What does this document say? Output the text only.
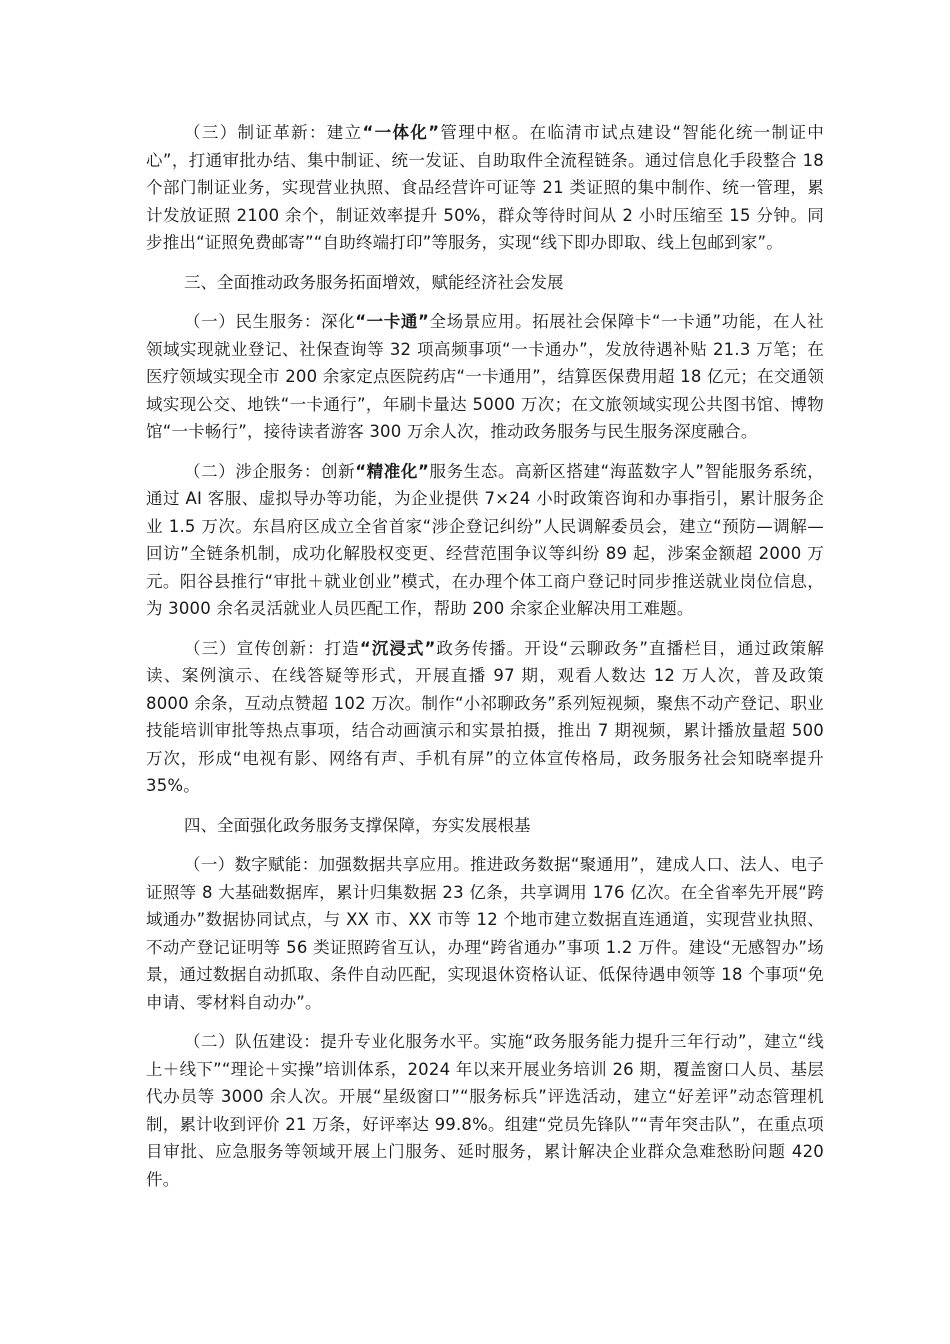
（三）制证革新：建立“一体化”管理中枢。在临清市试点建设“智能化统一制证中心”，打通审批办结、集中制证、统一发证、自助取件全流程链条。通过信息化手段整合 18 个部门制证业务，实现营业执照、食品经营许可证等 21 类证照的集中制作、统一管理，累计发放证照 2100 余个，制证效率提升 50%，群众等待时间从 2 小时压缩至 15 分钟。同步推出“证照免费邮寄”“自助终端打印”等服务，实现“线下即办即取、线上包邮到家”。

三、全面推动政务服务拓面增效，赋能经济社会发展

（一）民生服务：深化“一卡通”全场景应用。拓展社会保障卡“一卡通”功能，在人社领域实现就业登记、社保查询等 32 项高频事项“一卡通办”，发放待遇补贴 21.3 万笔；在医疗领域实现全市 200 余家定点医院药店“一卡通用”，结算医保费用超 18 亿元；在交通领域实现公交、地铁“一卡通行”，年刷卡量达 5000 万次；在文旅领域实现公共图书馆、博物馆“一卡畅行”，接待读者游客 300 万余人次，推动政务服务与民生服务深度融合。

（二）涉企服务：创新“精准化”服务生态。高新区搭建“海蓝数字人”智能服务系统，通过 AI 客服、虚拟导办等功能，为企业提供 7×24 小时政策咨询和办事指引，累计服务企业 1.5 万次。东昌府区成立全省首家“涉企登记纠纷”人民调解委员会，建立“预防—调解—回访”全链条机制，成功化解股权变更、经营范围争议等纠纷 89 起，涉案金额超 2000 万元。阳谷县推行“审批＋就业创业”模式，在办理个体工商户登记时同步推送就业岗位信息，为 3000 余名灵活就业人员匹配工作，帮助 200 余家企业解决用工难题。

（三）宣传创新：打造“沉浸式”政务传播。开设“云聊政务”直播栏目，通过政策解读、案例演示、在线答疑等形式，开展直播 97 期，观看人数达 12 万人次，普及政策 8000 余条，互动点赞超 102 万次。制作“小祁聊政务”系列短视频，聚焦不动产登记、职业技能培训审批等热点事项，结合动画演示和实景拍摄，推出 7 期视频，累计播放量超 500 万次，形成“电视有影、网络有声、手机有屏”的立体宣传格局，政务服务社会知晓率提升 35%。

四、全面强化政务服务支撑保障，夯实发展根基

（一）数字赋能：加强数据共享应用。推进政务数据“聚通用”，建成人口、法人、电子证照等 8 大基础数据库，累计归集数据 23 亿条，共享调用 176 亿次。在全省率先开展“跨域通办”数据协同试点，与 XX 市、XX 市等 12 个地市建立数据直连通道，实现营业执照、不动产登记证明等 56 类证照跨省互认，办理“跨省通办”事项 1.2 万件。建设“无感智办”场景，通过数据自动抓取、条件自动匹配，实现退休资格认证、低保待遇申领等 18 个事项“免申请、零材料自动办”。

（二）队伍建设：提升专业化服务水平。实施“政务服务能力提升三年行动”，建立“线上＋线下”“理论＋实操”培训体系，2024 年以来开展业务培训 26 期，覆盖窗口人员、基层代办员等 3000 余人次。开展“星级窗口”“服务标兵”评选活动，建立“好差评”动态管理机制，累计收到评价 21 万条，好评率达 99.8%。组建“党员先锋队”“青年突击队”，在重点项目审批、应急服务等领域开展上门服务、延时服务，累计解决企业群众急难愁盼问题 420 件。
